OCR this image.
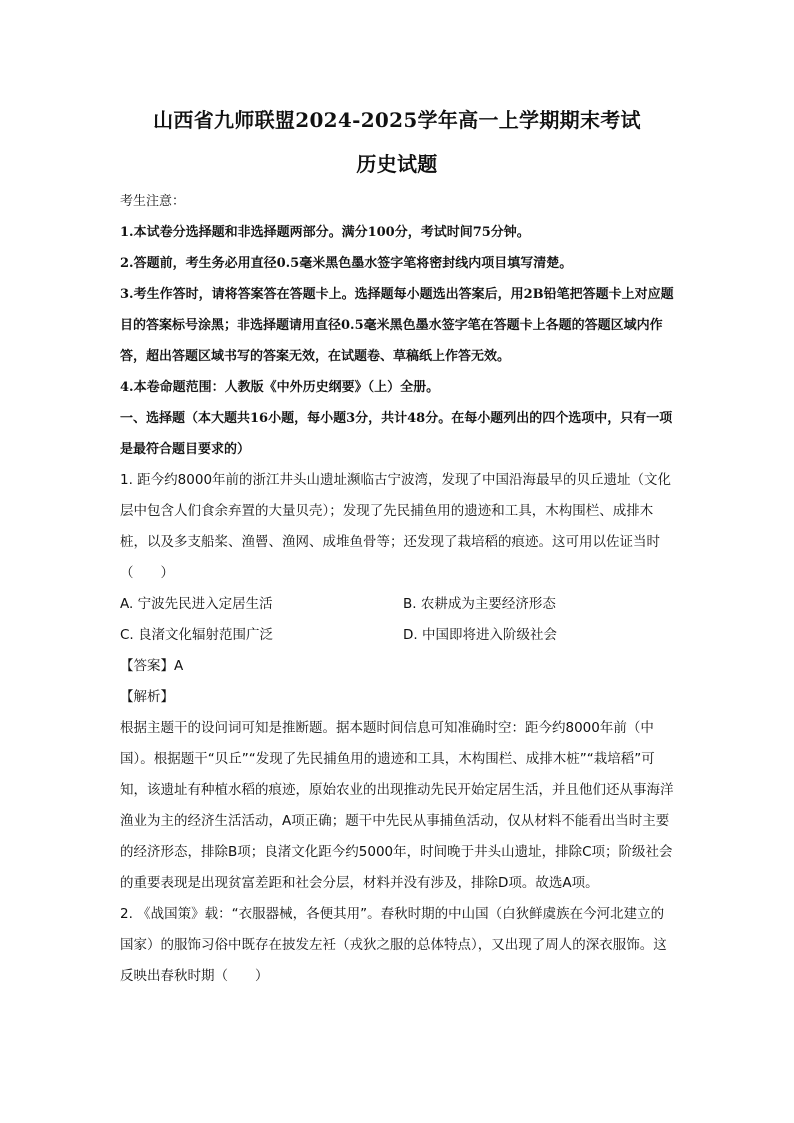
山西省九师联盟2024-2025学年高一上学期期末考试
历史试题

考生注意：

1.本试卷分选择题和非选择题两部分。满分100分，考试时间75分钟。

2.答题前，考生务必用直径0.5毫米黑色墨水签字笔将密封线内项目填写清楚。

3.考生作答时，请将答案答在答题卡上。选择题每小题选出答案后，用2B铅笔把答题卡上对应题目的答案标号涂黑；非选择题请用直径0.5毫米黑色墨水签字笔在答题卡上各题的答题区域内作答，超出答题区域书写的答案无效，在试题卷、草稿纸上作答无效。

4.本卷命题范围：人教版《中外历史纲要》（上）全册。

一、选择题（本大题共16小题，每小题3分，共计48分。在每小题列出的四个选项中，只有一项是最符合题目要求的）

1. 距今约8000年前的浙江井头山遗址濒临古宁波湾，发现了中国沿海最早的贝丘遗址（文化层中包含人们食余弃置的大量贝壳）；发现了先民捕鱼用的遗迹和工具，木构围栏、成排木桩，以及多支船桨、渔罾、渔网、成堆鱼骨等；还发现了栽培稻的痕迹。这可用以佐证当时（　　）

A. 宁波先民进入定居生活	B. 农耕成为主要经济形态
C. 良渚文化辐射范围广泛	D. 中国即将进入阶级社会

【答案】A

【解析】

根据主题干的设问词可知是推断题。据本题时间信息可知准确时空：距今约8000年前（中国）。根据题干“贝丘”“发现了先民捕鱼用的遗迹和工具，木构围栏、成排木桩”“栽培稻”可知，该遗址有种植水稻的痕迹，原始农业的出现推动先民开始定居生活，并且他们还从事海洋渔业为主的经济生活活动，A项正确；题干中先民从事捕鱼活动，仅从材料不能看出当时主要的经济形态，排除B项；良渚文化距今约5000年，时间晚于井头山遗址，排除C项；阶级社会的重要表现是出现贫富差距和社会分层，材料并没有涉及，排除D项。故选A项。

2. 《战国策》载：“衣服器械，各便其用”。春秋时期的中山国（白狄鲜虞族在今河北建立的国家）的服饰习俗中既存在披发左衽（戎狄之服的总体特点），又出现了周人的深衣服饰。这反映出春秋时期（　　）
